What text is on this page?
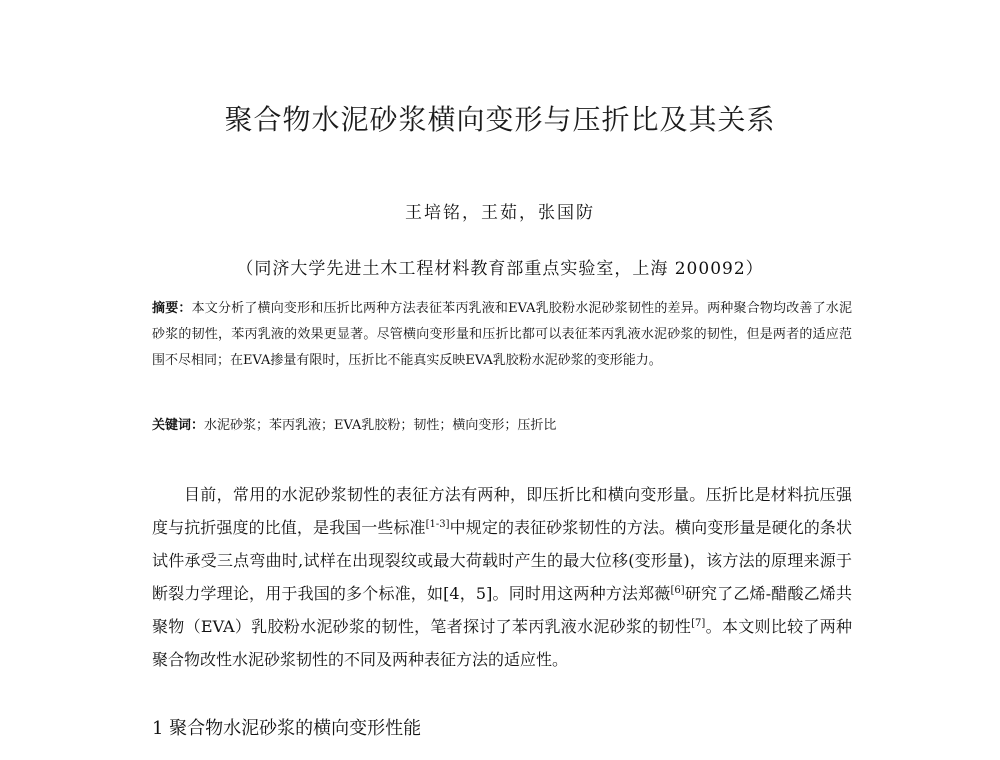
聚合物水泥砂浆横向变形与压折比及其关系
王培铭，王茹，张国防
（同济大学先进土木工程材料教育部重点实验室，上海 200092）
摘要：本文分析了横向变形和压折比两种方法表征苯丙乳液和EVA乳胶粉水泥砂浆韧性的差异。两种聚合物均改善了水泥砂浆的韧性，苯丙乳液的效果更显著。尽管横向变形量和压折比都可以表征苯丙乳液水泥砂浆的韧性，但是两者的适应范围不尽相同；在EVA掺量有限时，压折比不能真实反映EVA乳胶粉水泥砂浆的变形能力。
关键词：水泥砂浆；苯丙乳液；EVA乳胶粉；韧性；横向变形；压折比
目前，常用的水泥砂浆韧性的表征方法有两种，即压折比和横向变形量。压折比是材料抗压强度与抗折强度的比值，是我国一些标准[1-3]中规定的表征砂浆韧性的方法。横向变形量是硬化的条状试件承受三点弯曲时,试样在出现裂纹或最大荷载时产生的最大位移(变形量)，该方法的原理来源于断裂力学理论，用于我国的多个标准，如[4，5]。同时用这两种方法郑薇[6]研究了乙烯-醋酸乙烯共聚物（EVA）乳胶粉水泥砂浆的韧性，笔者探讨了苯丙乳液水泥砂浆的韧性[7]。本文则比较了两种聚合物改性水泥砂浆韧性的不同及两种表征方法的适应性。
1 聚合物水泥砂浆的横向变形性能
